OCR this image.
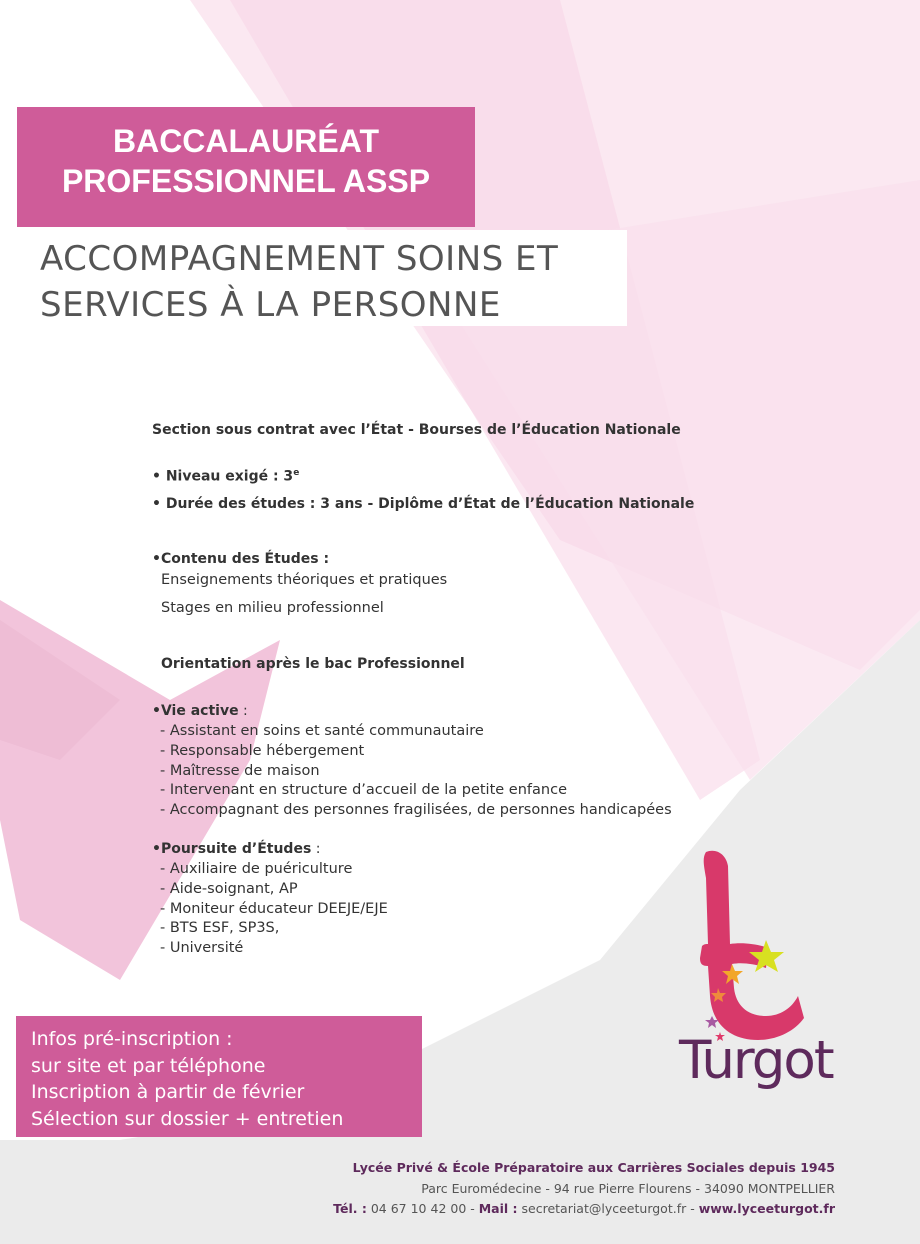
BACCALAURÉAT
PROFESSIONNEL ASSP
ACCOMPAGNEMENT SOINS ET
SERVICES À LA PERSONNE
Section sous contrat avec l’État - Bourses de l’Éducation Nationale
• Niveau exigé : 3e
• Durée des études : 3 ans - Diplôme d’État de l’Éducation Nationale
•Contenu des Études :
Enseignements théoriques et pratiques
Stages en milieu professionnel
Orientation après le bac Professionnel
•Vie active :
- Assistant en soins et santé communautaire
- Responsable hébergement
- Maîtresse de maison
- Intervenant en structure d’accueil de la petite enfance
- Accompagnant des personnes fragilisées, de personnes handicapées
•Poursuite d’Études :
- Auxiliaire de puériculture
- Aide-soignant, AP
- Moniteur éducateur DEEJE/EJE
- BTS ESF, SP3S,
- Université
Infos pré-inscription :
sur site et par téléphone
Inscription à partir de février
Sélection sur dossier + entretien
Turgot
Lycée Privé & École Préparatoire aux Carrières Sociales depuis 1945
Parc Euromédecine - 94 rue Pierre Flourens - 34090 MONTPELLIER
Tél. : 04 67 10 42 00 - Mail : secretariat@lyceeturgot.fr - www.lyceeturgot.fr
